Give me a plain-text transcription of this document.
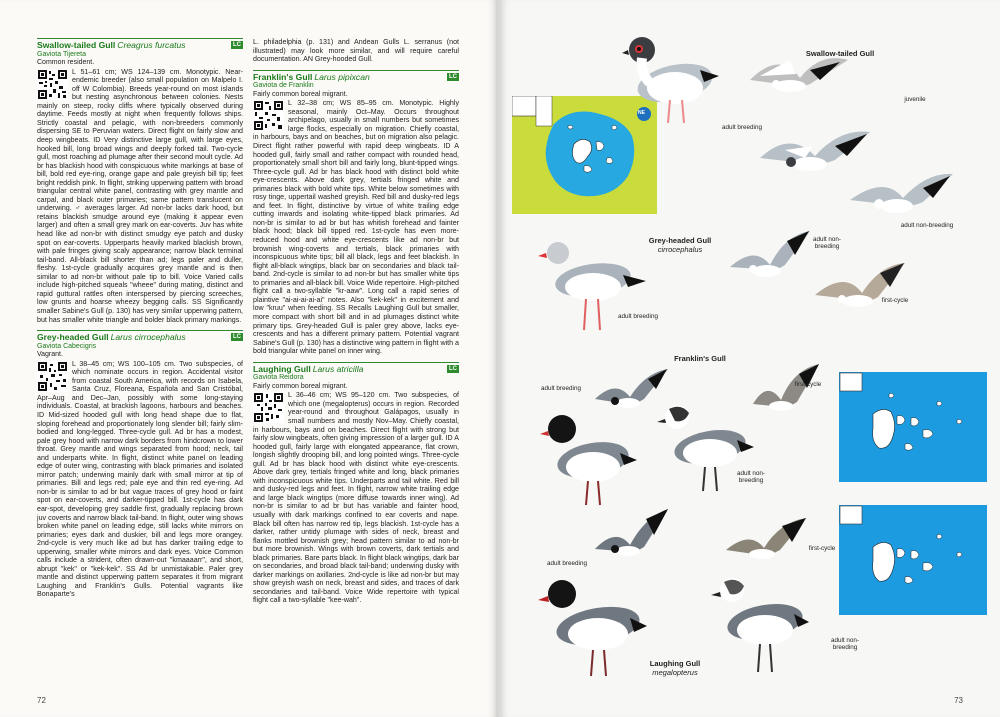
Swallow-tailed Gull Creagrus furcatus	LC
Gaviota Tijereta
Common resident.
L 51–61 cm; WS 124–139 cm. Monotypic. Near-endemic breeder (also small population on Malpelo I. off W Colombia). Breeds year-round on most islands but nesting asynchronous between colonies. Nests mainly on steep, rocky cliffs where typically observed during daytime. Feeds mostly at night when frequently follows ships. Strictly coastal and pelagic, with non-breeders commonly dispersing SE to Peruvian waters. Direct flight on fairly slow and deep wingbeats. ID Very distinctive large gull, with large eyes, hooked bill, long broad wings and deeply forked tail. Two-cycle gull, most roaching ad plumage after their second moult cycle. Ad br has blackish hood with conspicuous white markings at base of bill, bold red eye-ring, orange gape and pale greyish bill tip; feet bright reddish pink. In flight, striking upperwing pattern with broad triangular central white panel, contrasting with grey mantle and carpal, and black outer primaries; same pattern translucent on underwing. ♂ averages larger. Ad non-br lacks dark hood, but retains blackish smudge around eye (making it appear even larger) and often a small grey mark on ear-coverts. Juv has white head like ad non-br with distinct smudgy eye patch and dusky spot on ear-coverts. Upperparts heavily marked blackish brown, with pale fringes giving scaly appearance; narrow black terminal tail-band. All-black bill shorter than ad; legs paler and duller, fleshy. 1st-cycle gradually acquires grey mantle and is then similar to ad non-br without pale tip to bill. Voice Varied calls include high-pitched squeals "wheee" during mating, distinct and rapid guttural rattles often interspersed by piercing screeches, low grunts and hoarse wheezy begging calls. SS Significantly smaller Sabine's Gull (p. 130) has very similar upperwing pattern, but has smaller white triangle and bolder black primary markings.
Grey-headed Gull Larus cirrocephalus	LC
Gaviota Cabecigris
Vagrant.
L 38–45 cm; WS 100–105 cm. Two subspecies, of which nominate occurs in region. Accidental visitor from coastal South America, with records on Isabela, Santa Cruz, Floreana, Española and San Cristóbal, Apr–Aug and Dec–Jan, possibly with some long-staying individuals. Coastal, at brackish lagoons, harbours and beaches. ID Mid-sized hooded gull with long head shape due to flat, sloping forehead and proportionately long slender bill; fairly slim-bodied and long-legged. Three-cycle gull. Ad br has a modest, pale grey hood with narrow dark borders from hindcrown to lower throat. Grey mantle and wings separated from hood; neck, tail and underparts white. In flight, distinct white panel on leading edge of outer wing, contrasting with black primaries and isolated mirror patch; underwing mainly dark with small mirror at tip of primaries. Bill and legs red; pale eye and thin red eye-ring. Ad non-br is similar to ad br but vague traces of grey hood or faint spot on ear-coverts, and darker-tipped bill. 1st-cycle has dark ear-spot, developing grey saddle first, gradually replacing brown juv coverts and narrow black tail-band. In flight, outer wing shows broken white panel on leading edge, still lacks white mirrors on primaries; eyes dark and duskier, bill and legs more orangey. 2nd-cycle is very much like ad but has darker trailing edge to upperwing, smaller white mirrors and dark eyes. Voice Common calls include a strident, often drawn-out "kmaaaarr", and short, abrupt "kek" or "kek-kek". SS Ad br unmistakable. Paler grey mantle and distinct upperwing pattern separates it from migrant Laughing and Franklin's Gulls. Potential vagrants like Bonaparte's
L. philadelphia (p. 131) and Andean Gulls L. serranus (not illustrated) may look more similar, and will require careful documentation. AN Grey-hooded Gull.
Franklin's Gull Larus pipixcan	LC
Gaviota de Franklin
Fairly common boreal migrant.
L 32–38 cm; WS 85–95 cm. Monotypic. Highly seasonal, mainly Oct–May. Occurs throughout archipelago, usually in small numbers but sometimes large flocks, especially on migration. Chiefly coastal, in harbours, bays and on beaches, but on migration also pelagic. Direct flight rather powerful with rapid deep wingbeats. ID A hooded gull, fairly small and rather compact with rounded head, proportionately small short bill and fairly long, blunt-tipped wings. Three-cycle gull. Ad br has black hood with distinct bold white eye-crescents. Above dark grey, tertials fringed white and primaries black with bold white tips. White below sometimes with rosy tinge, uppertail washed greyish. Red bill and dusky-red legs and feet. In flight, distinctive by virtue of white trailing edge cutting inwards and isolating white-tipped black primaries. Ad non-br is similar to ad br but has whitish forehead and fainter black hood; black bill tipped red. 1st-cycle has even more-reduced hood and white eye-crescents like ad non-br but brownish wing-coverts and tertials, black primaries with inconspicuous white tips; bill all black, legs and feet blackish. In flight all-black wingtips, black bar on secondaries and black tail-band. 2nd-cycle is similar to ad non-br but has smaller white tips to primaries and all-black bill. Voice Wide repertoire. High-pitched flight call a two-syllable "kr-aaw". Long call a rapid series of plaintive "ai-ai-ai-ai-ai" notes. Also "kek-kek" in excitement and low "kruu" when feeding. SS Recalls Laughing Gull but smaller, more compact with short bill and in ad plumages distinct white primary tips. Grey-headed Gull is paler grey above, lacks eye-crescents and has a different primary pattern. Potential vagrant Sabine's Gull (p. 130) has a distinctive wing pattern in flight with a bold triangular white panel on inner wing.
Laughing Gull Larus atricilla	LC
Gaviota Reidora
Fairly common boreal migrant.
L 36–46 cm; WS 95–120 cm. Two subspecies, of which one (megalopterus) occurs in region. Recorded year-round and throughout Galápagos, usually in small numbers and mostly Nov–May. Chiefly coastal, in harbours, bays and on beaches. Direct flight with strong but fairly slow wingbeats, often giving impression of a larger gull. ID A hooded gull, fairly large with elongated appearance, flat crown, longish slightly drooping bill, and long pointed wings. Three-cycle gull. Ad br has black hood with distinct white eye-crescents. Above dark grey, tertials fringed white and long, black primaries with inconspicuous white tips. Underparts and tail white. Red bill and dusky-red legs and feet. In flight, narrow white trailing edge and large black wingtips (more diffuse towards inner wing). Ad non-br is similar to ad br but has variable and fainter hood, usually with dark markings confined to ear coverts and nape. Black bill often has narrow red tip, legs blackish. 1st-cycle has a darker, rather untidy plumage with sides of neck, breast and flanks mottled brownish grey; head pattern similar to ad non-br but more brownish. Wings with brown coverts, dark tertials and black primaries. Bare parts black. In flight black wingtips, dark bar on secondaries, and broad black tail-band; underwing dusky with darker markings on axillaries. 2nd-cycle is like ad non-br but may show greyish wash on neck, breast and sides, and traces of dark secondaries and tail-band. Voice Wide repertoire with typical flight call a two-syllable "kee-wah".
72
NE
Swallow-tailed Gull
juvenile
adult breeding
adult non-breeding
Grey-headed Gull
cirrocephalus
adult non-breeding
adult breeding
first-cycle
Franklin's Gull
adult breeding
first-cycle
adult non-breeding
Laughing Gull
megalopterus
adult breeding
first-cycle
adult non-breeding
73
